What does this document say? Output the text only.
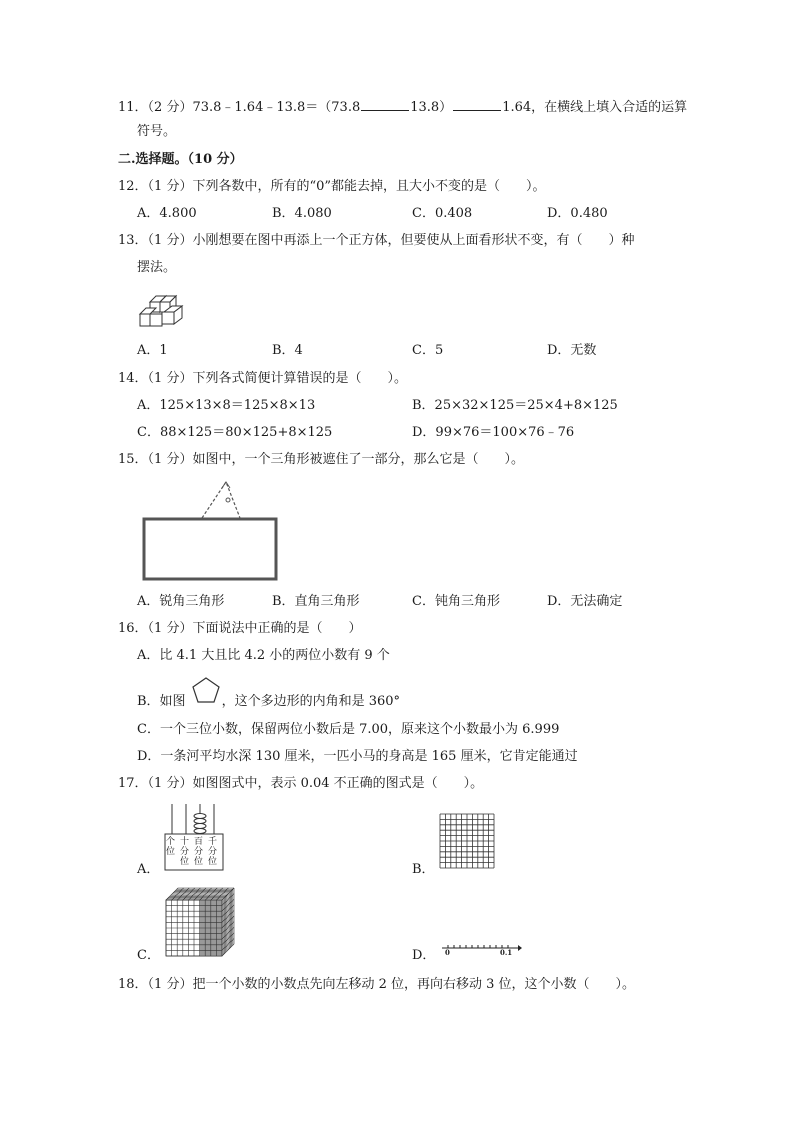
11．（2 分）73.8﹣1.64﹣13.8＝（73.8	13.8）	1.64，在横线上填入合适的运算
符号。
二.选择题。（10 分）
12．（1 分）下列各数中，所有的“0”都能去掉，且大小不变的是（　　）。
A．4.800	B．4.080	C．0.408	D．0.480
13．（1 分）小刚想要在图中再添上一个正方体，但要使从上面看形状不变，有（　　）种
摆法。
A．1	B．4	C．5	D．无数
14．（1 分）下列各式简便计算错误的是（　　）。
A．125×13×8＝125×8×13	B．25×32×125＝25×4+8×125
C．88×125＝80×125+8×125	D．99×76＝100×76﹣76
15．（1 分）如图中，一个三角形被遮住了一部分，那么它是（　　）。
A．锐角三角形	B．直角三角形	C．钝角三角形	D．无法确定
16．（1 分）下面说法中正确的是（　　）
A．比 4.1 大且比 4.2 小的两位小数有 9 个
B．如图	，这个多边形的内角和是 360°
C．一个三位小数，保留两位小数后是 7.00，原来这个小数最小为 6.999
D．一条河平均水深 130 厘米，一匹小马的身高是 165 厘米，它肯定能通过
17．（1 分）如图图式中，表示 0.04 不正确的图式是（　　）。
个位
十分位
百分位
千分位
A．	B．
C．	0	0.1
D．
18．（1 分）把一个小数的小数点先向左移动 2 位，再向右移动 3 位，这个小数（　　）。
